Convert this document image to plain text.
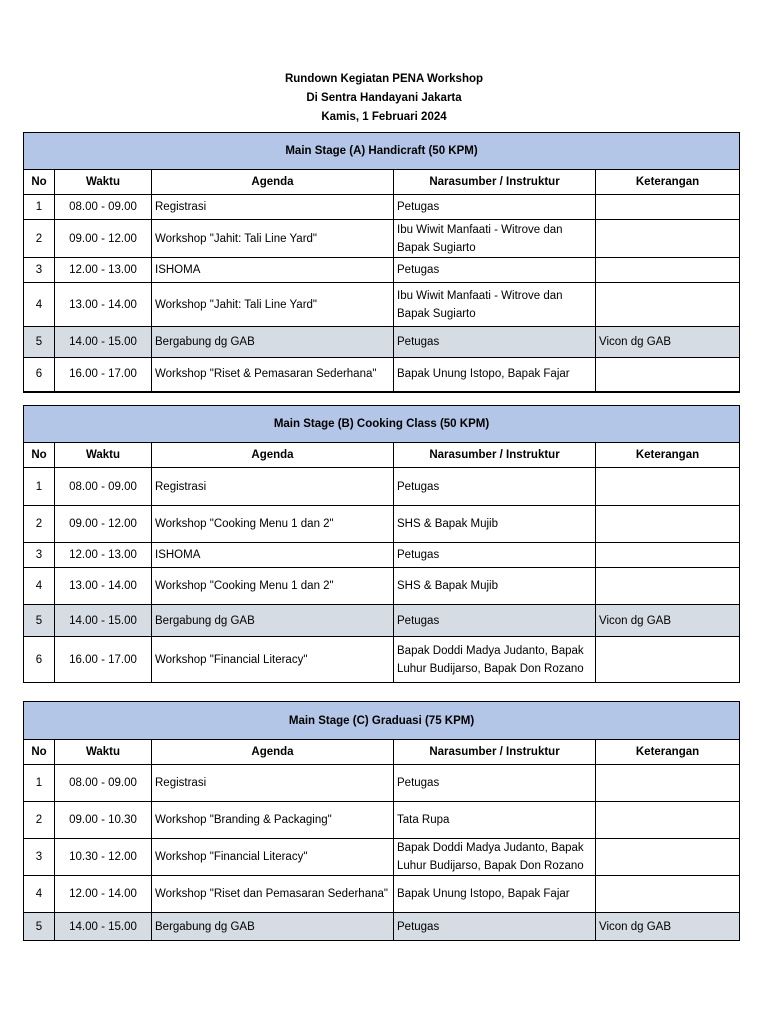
Rundown Kegiatan PENA Workshop
Di Sentra Handayani Jakarta
Kamis, 1 Februari 2024
Main Stage (A) Handicraft (50 KPM)				
No	Waktu	Agenda	Narasumber / Instruktur	Keterangan
1	08.00 - 09.00	Registrasi	Petugas	
2	09.00 - 12.00	Workshop "Jahit: Tali Line Yard"	Ibu Wiwit Manfaati - Witrove dan Bapak Sugiarto	
3	12.00 - 13.00	ISHOMA	Petugas	
4	13.00 - 14.00	Workshop "Jahit: Tali Line Yard"	Ibu Wiwit Manfaati - Witrove dan Bapak Sugiarto	
5	14.00 - 15.00	Bergabung dg GAB	Petugas	Vicon dg GAB
6	16.00 - 17.00	Workshop "Riset & Pemasaran Sederhana"	Bapak Unung Istopo, Bapak Fajar	
Main Stage (B) Cooking Class (50 KPM)				
No	Waktu	Agenda	Narasumber / Instruktur	Keterangan
1	08.00 - 09.00	Registrasi	Petugas	
2	09.00 - 12.00	Workshop "Cooking Menu 1 dan 2"	SHS & Bapak Mujib	
3	12.00 - 13.00	ISHOMA	Petugas	
4	13.00 - 14.00	Workshop "Cooking Menu 1 dan 2"	SHS & Bapak Mujib	
5	14.00 - 15.00	Bergabung dg GAB	Petugas	Vicon dg GAB
6	16.00 - 17.00	Workshop "Financial Literacy"	Bapak Doddi Madya Judanto, Bapak Luhur Budijarso, Bapak Don Rozano	
Main Stage (C) Graduasi (75 KPM)				
No	Waktu	Agenda	Narasumber / Instruktur	Keterangan
1	08.00 - 09.00	Registrasi	Petugas	
2	09.00 - 10.30	Workshop "Branding & Packaging"	Tata Rupa	
3	10.30 - 12.00	Workshop "Financial Literacy"	Bapak Doddi Madya Judanto, Bapak Luhur Budijarso, Bapak Don Rozano	
4	12.00 - 14.00	Workshop "Riset dan Pemasaran Sederhana"	Bapak Unung Istopo, Bapak Fajar	
5	14.00 - 15.00	Bergabung dg GAB	Petugas	Vicon dg GAB
